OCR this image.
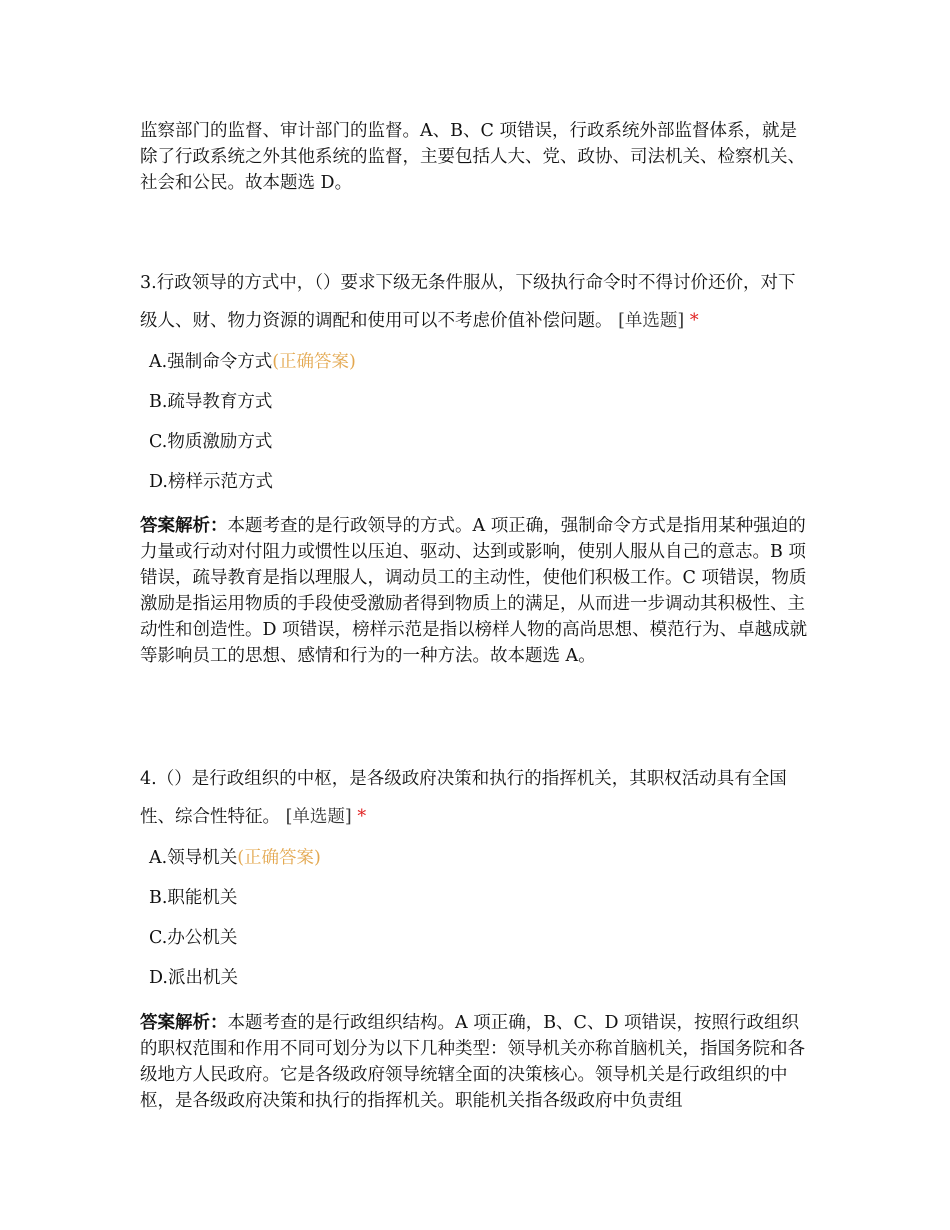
监察部门的监督、审计部门的监督。A、B、C 项错误，行政系统外部监督体系，就是除了行政系统之外其他系统的监督，主要包括人大、党、政协、司法机关、检察机关、社会和公民。故本题选 D。

3.行政领导的方式中，（）要求下级无条件服从，下级执行命令时不得讨价还价，对下级人、财、物力资源的调配和使用可以不考虑价值补偿问题。 [单选题] *

A.强制命令方式(正确答案)
B.疏导教育方式
C.物质激励方式
D.榜样示范方式

答案解析：本题考查的是行政领导的方式。A 项正确，强制命令方式是指用某种强迫的力量或行动对付阻力或惯性以压迫、驱动、达到或影响，使别人服从自己的意志。B 项错误，疏导教育是指以理服人，调动员工的主动性，使他们积极工作。C 项错误，物质激励是指运用物质的手段使受激励者得到物质上的满足，从而进一步调动其积极性、主动性和创造性。D 项错误，榜样示范是指以榜样人物的高尚思想、模范行为、卓越成就等影响员工的思想、感情和行为的一种方法。故本题选 A。

4.（）是行政组织的中枢，是各级政府决策和执行的指挥机关，其职权活动具有全国性、综合性特征。 [单选题] *

A.领导机关(正确答案)
B.职能机关
C.办公机关
D.派出机关

答案解析：本题考查的是行政组织结构。A 项正确，B、C、D 项错误，按照行政组织的职权范围和作用不同可划分为以下几种类型：领导机关亦称首脑机关，指国务院和各级地方人民政府。它是各级政府领导统辖全面的决策核心。领导机关是行政组织的中枢，是各级政府决策和执行的指挥机关。职能机关指各级政府中负责组
